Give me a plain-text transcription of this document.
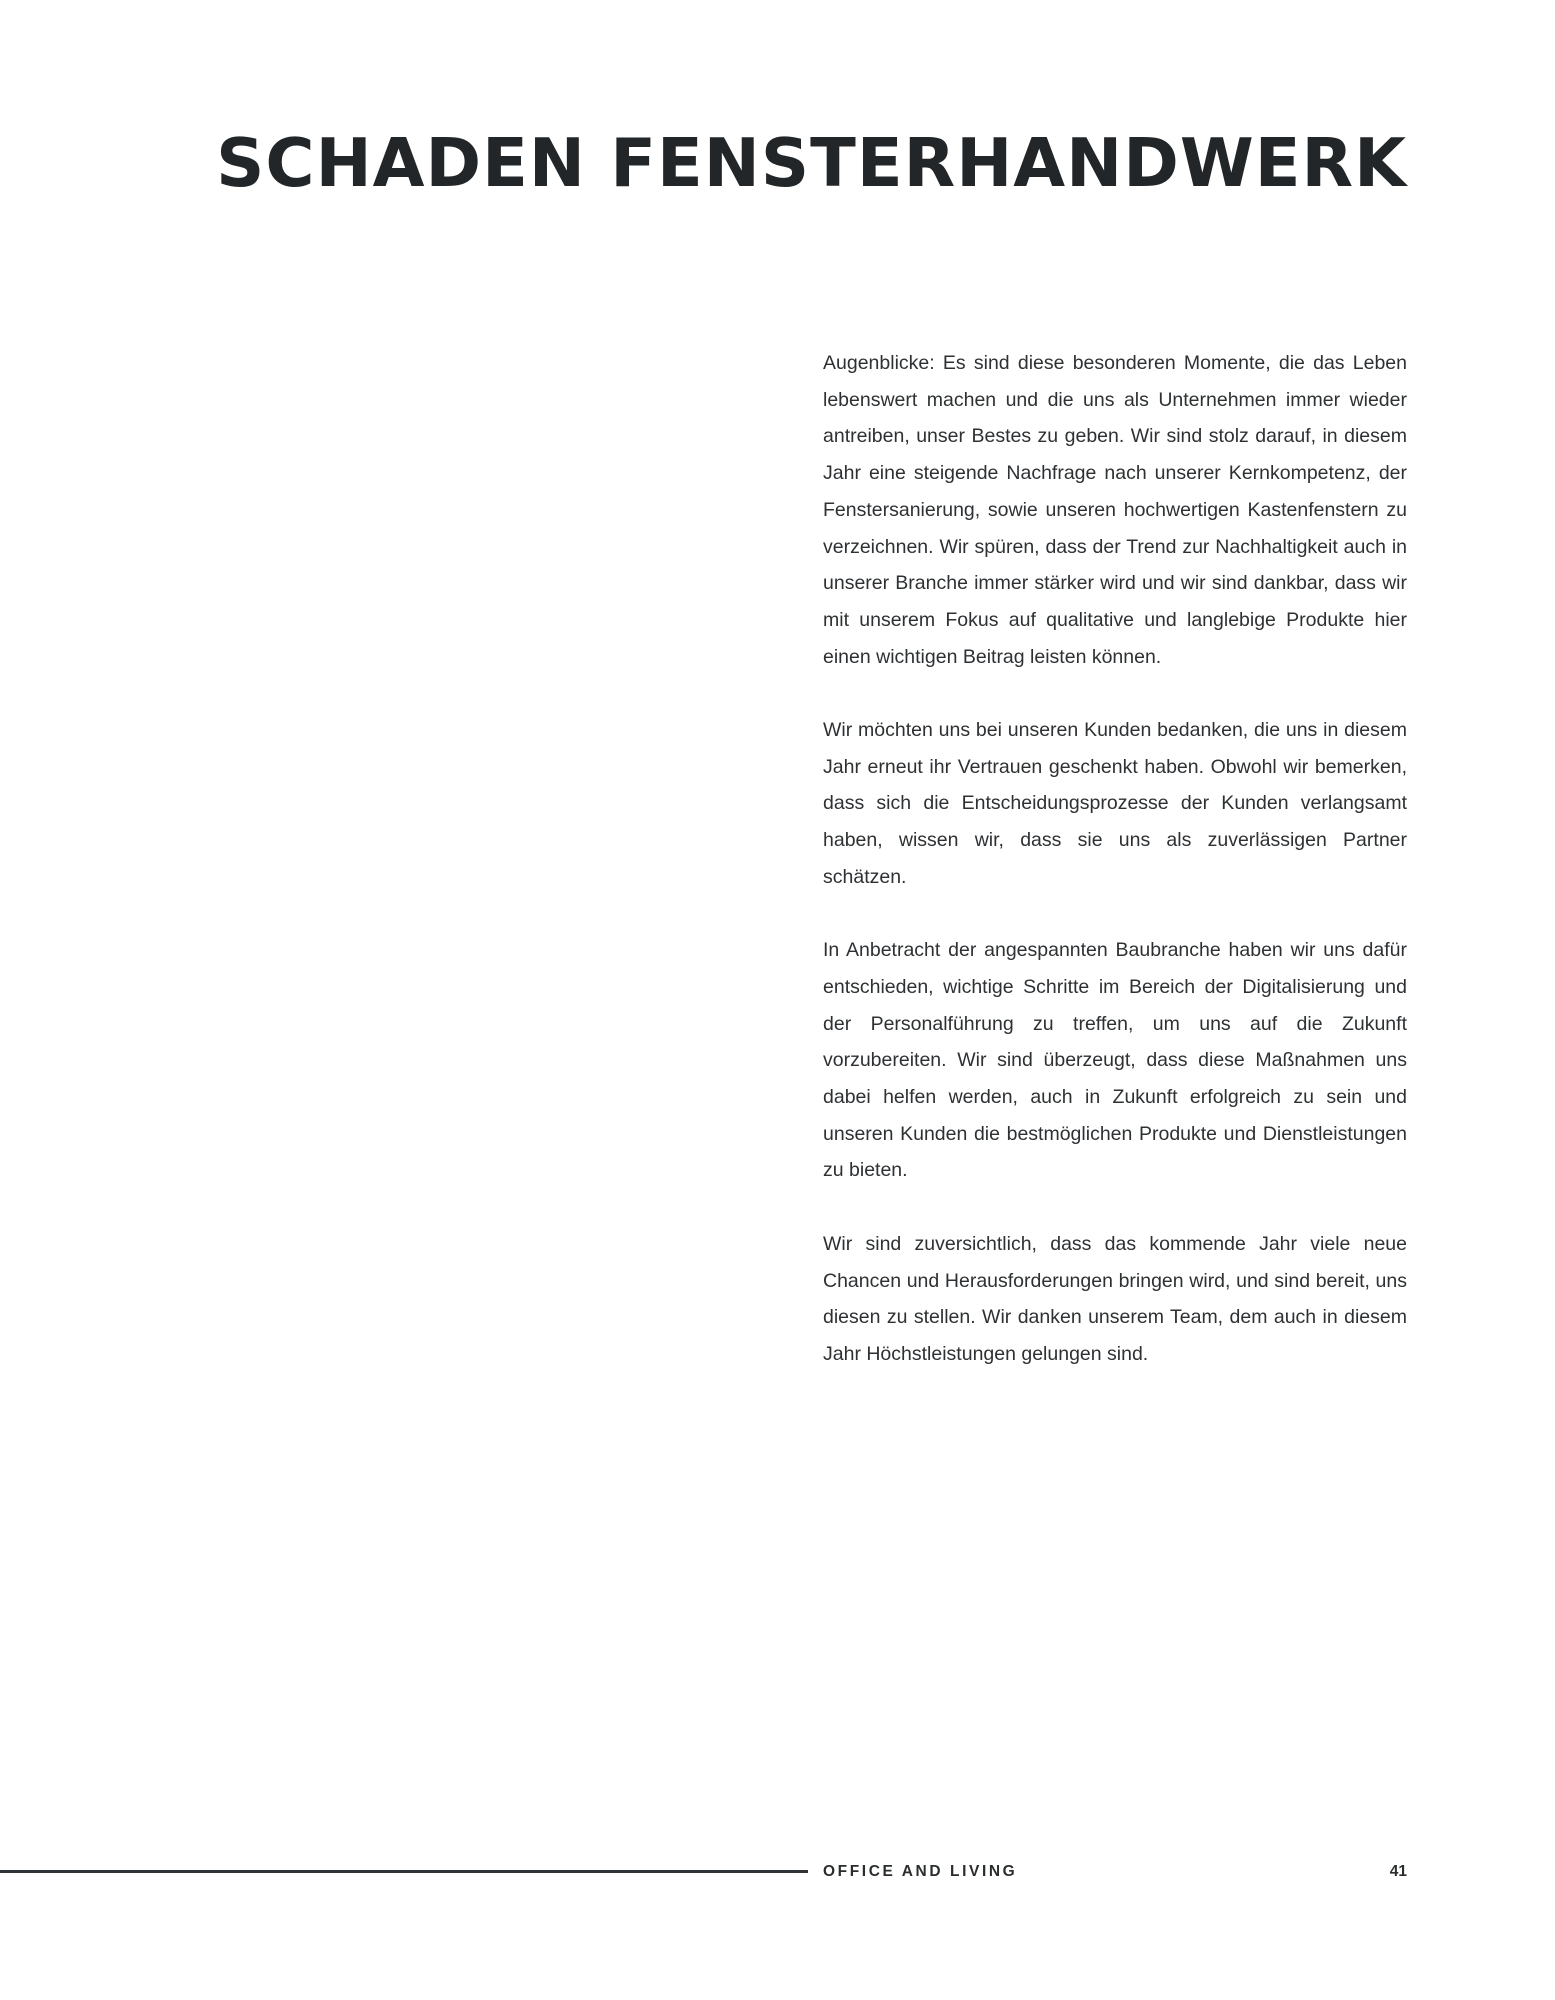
SCHADEN FENSTERHANDWERK

Augenblicke: Es sind diese besonderen Momente, die das Leben lebenswert machen und die uns als Unternehmen immer wieder antreiben, unser Bestes zu geben. Wir sind stolz darauf, in diesem Jahr eine steigende Nachfrage nach unserer Kernkompetenz, der Fenstersanierung, sowie unseren hochwertigen Kastenfenstern zu verzeichnen. Wir spüren, dass der Trend zur Nachhaltigkeit auch in unserer Branche immer stärker wird und wir sind dankbar, dass wir mit unserem Fokus auf qualitative und langlebige Produkte hier einen wichtigen Beitrag leisten können.

Wir möchten uns bei unseren Kunden bedanken, die uns in diesem Jahr erneut ihr Vertrauen geschenkt haben. Obwohl wir bemerken, dass sich die Entscheidungsprozesse der Kunden verlangsamt haben, wissen wir, dass sie uns als zuverlässigen Partner schätzen.

In Anbetracht der angespannten Baubranche haben wir uns dafür entschieden, wichtige Schritte im Bereich der Digitalisierung und der Personalführung zu treffen, um uns auf die Zukunft vorzubereiten. Wir sind überzeugt, dass diese Maßnahmen uns dabei helfen werden, auch in Zukunft erfolgreich zu sein und unseren Kunden die bestmöglichen Produkte und Dienstleistungen zu bieten.

Wir sind zuversichtlich, dass das kommende Jahr viele neue Chancen und Herausforderungen bringen wird, und sind bereit, uns diesen zu stellen. Wir danken unserem Team, dem auch in diesem Jahr Höchstleistungen gelungen sind.

OFFICE AND LIVING	41
